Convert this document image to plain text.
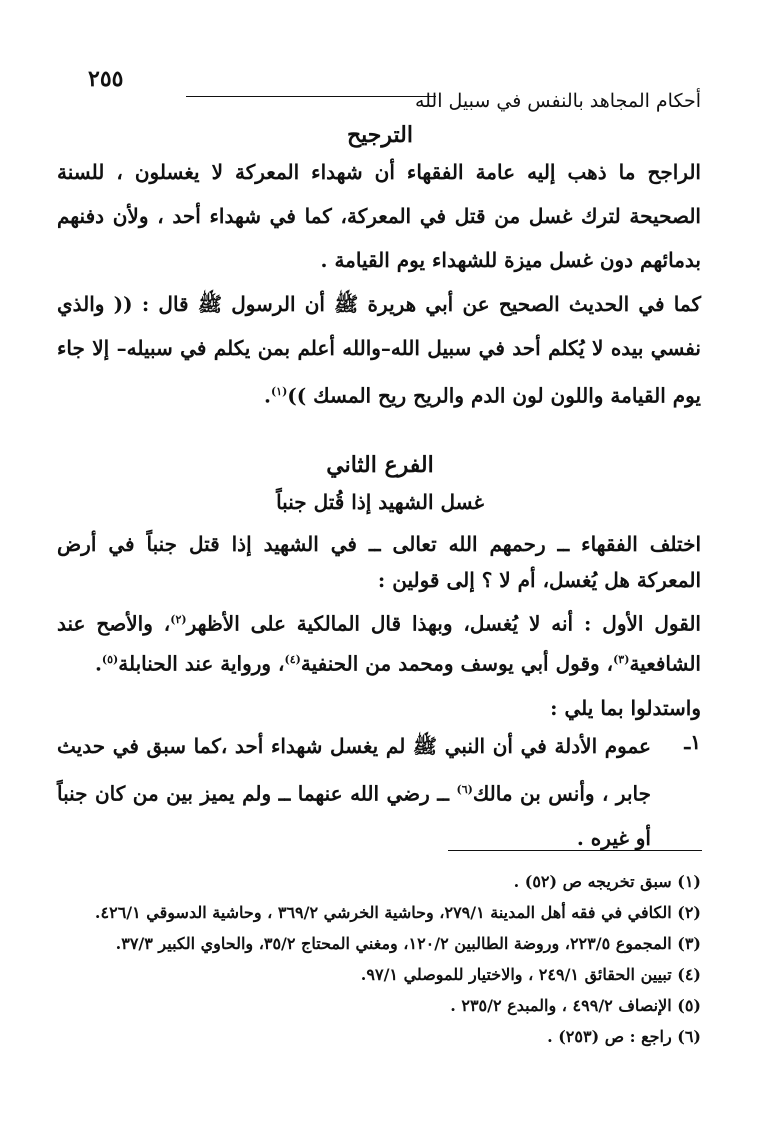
٢٥٥
أحكام المجاهد بالنفس في سبيل الله
الترجيح

الراجح ما ذهب إليه عامة الفقهاء أن شهداء المعركة لا يغسلون ، للسنة الصحيحة لترك غسل من قتل في المعركة، كما في شهداء أحد ، ولأن دفنهم بدمائهم دون غسل ميزة للشهداء يوم القيامة .

كما في الحديث الصحيح عن أبي هريرة ﷺ أن الرسول ﷺ قال : (( والذي نفسي بيده لا يُكلم أحد في سبيل الله–والله أعلم بمن يكلم في سبيله– إلا جاء يوم القيامة واللون لون الدم والريح ريح المسك ))$^{(١)}$.

الفرع الثاني
غسل الشهيد إذا قُتل جنباً

اختلف الفقهاء ــ رحمهم الله تعالى ــ في الشهيد إذا قتل جنباً في أرض المعركة هل يُغسل، أم لا ؟ إلى قولين :

القول الأول : أنه لا يُغسل، وبهذا قال المالكية على الأظهر$^{(٢)}$، والأصح عند الشافعية$^{(٣)}$، وقول أبي يوسف ومحمد من الحنفية$^{(٤)}$، ورواية عند الحنابلة$^{(٥)}$.

واستدلوا بما يلي :

١ـ

عموم الأدلة في أن النبي ﷺ لم يغسل شهداء أحد ،كما سبق في حديث جابر ، وأنس بن مالك$^{(٦)}$ ــ رضي الله عنهما ــ ولم يميز بين من كان جنباً أو غيره .

(١) سبق تخريجه ص (٥٢) .
(٢) الكافي في فقه أهل المدينة ٢٧٩/١، وحاشية الخرشي ٣٦٩/٢ ، وحاشية الدسوقي ٤٢٦/١.
(٣) المجموع ٢٢٣/٥، وروضة الطالبين ١٢٠/٢، ومغني المحتاج ٣٥/٢، والحاوي الكبير ٣٧/٣.
(٤) تبيين الحقائق ٢٤٩/١ ، والاختيار للموصلي ٩٧/١.
(٥) الإنصاف ٤٩٩/٢ ، والمبدع ٢٣٥/٢ .
(٦) راجع : ص (٢٥٣) .
